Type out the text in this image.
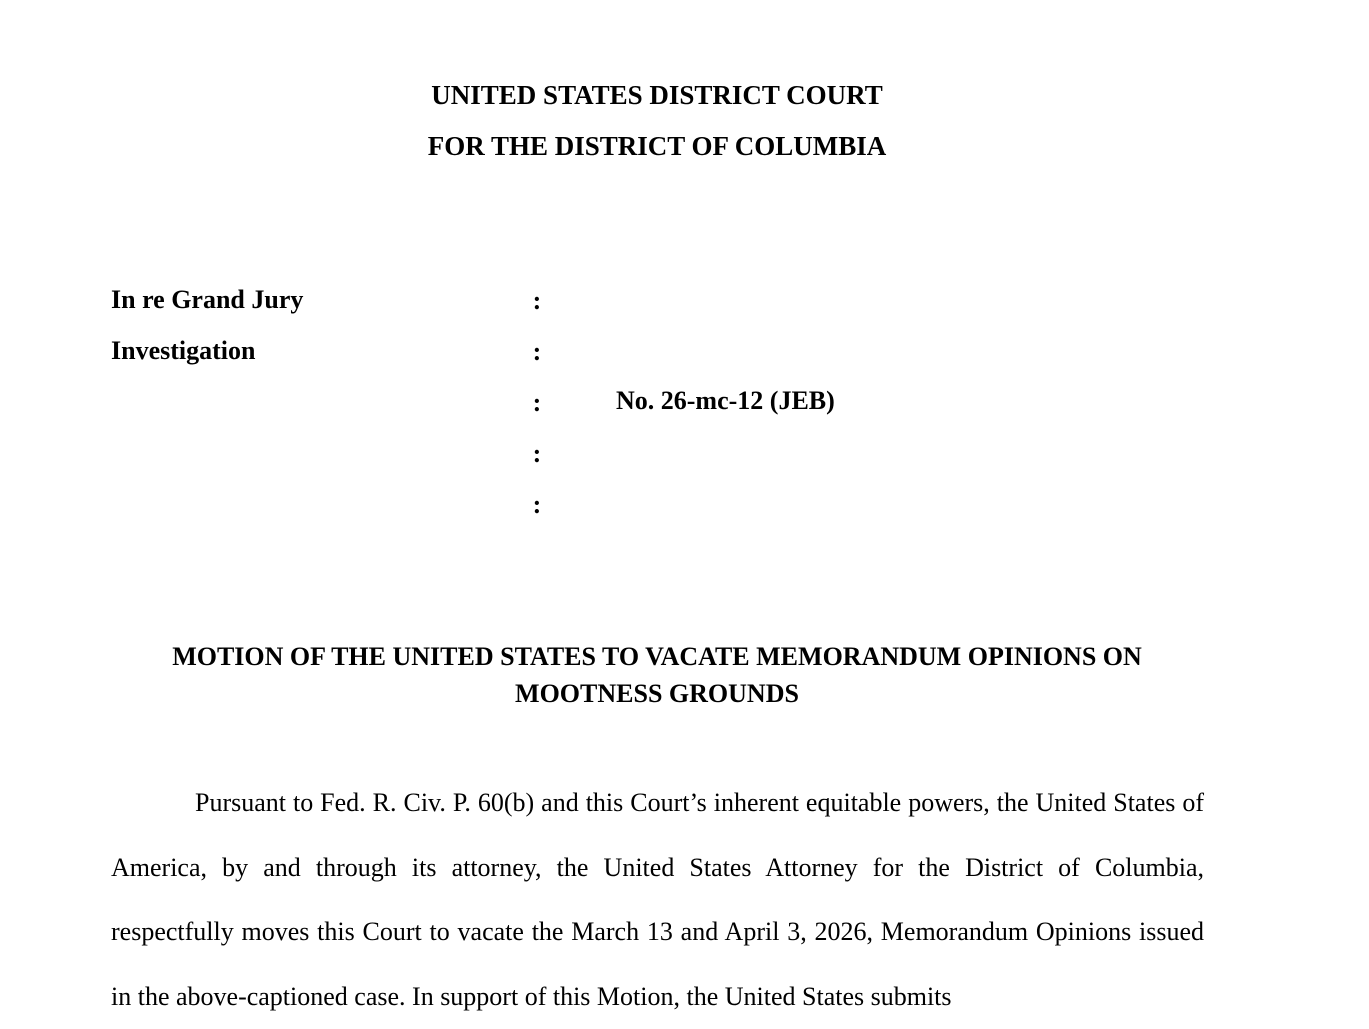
UNITED STATES DISTRICT COURT
FOR THE DISTRICT OF COLUMBIA
In re Grand Jury
Investigation
:
:
:
:
:
No. 26-mc-12 (JEB)
MOTION OF THE UNITED STATES TO VACATE MEMORANDUM OPINIONS ON MOOTNESS GROUNDS
Pursuant to Fed. R. Civ. P. 60(b) and this Court’s inherent equitable powers, the United States of America, by and through its attorney, the United States Attorney for the District of Columbia, respectfully moves this Court to vacate the March 13 and April 3, 2026, Memorandum Opinions issued in the above-captioned case. In support of this Motion, the United States submits
